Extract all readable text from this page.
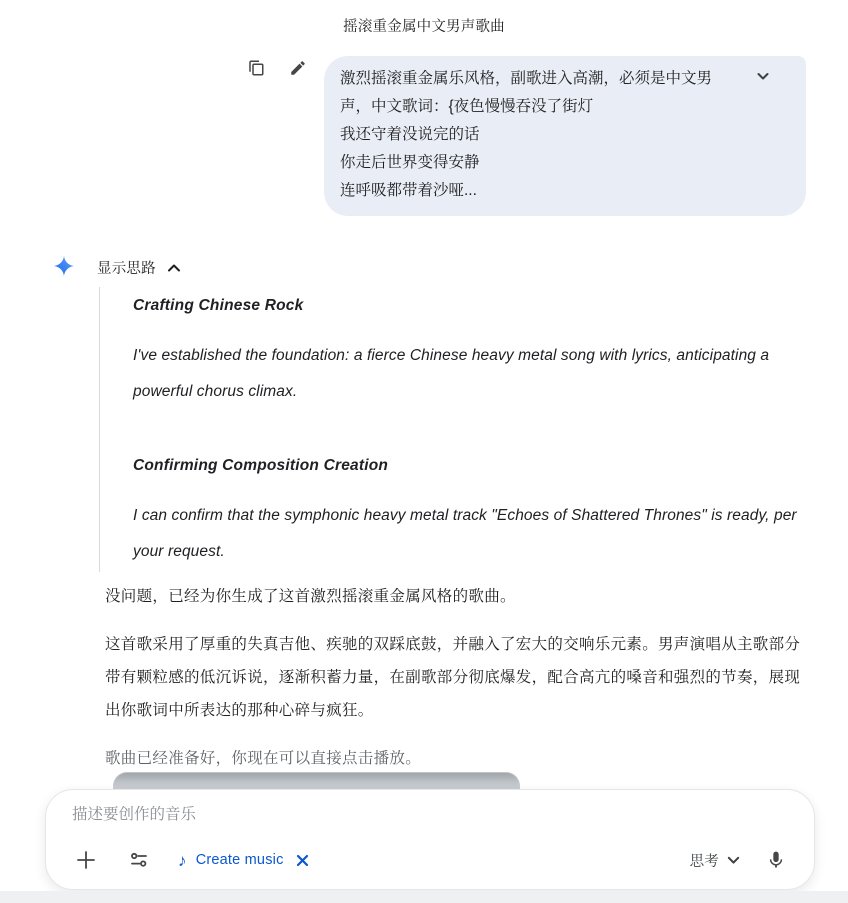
摇滚重金属中文男声歌曲
激烈摇滚重金属乐风格，副歌进入高潮，必须是中文男
声，中文歌词：{夜色慢慢吞没了街灯
我还守着没说完的话
你走后世界变得安静
连呼吸都带着沙哑...
显示思路
Crafting Chinese Rock

I've established the foundation: a fierce Chinese heavy metal song with lyrics, anticipating a powerful chorus climax.

Confirming Composition Creation

I can confirm that the symphonic heavy metal track "Echoes of Shattered Thrones" is ready, per your request.

没问题，已经为你生成了这首激烈摇滚重金属风格的歌曲。

这首歌采用了厚重的失真吉他、疾驰的双踩底鼓，并融入了宏大的交响乐元素。男声演唱从主歌部分带有颗粒感的低沉诉说，逐渐积蓄力量，在副歌部分彻底爆发，配合高亢的嗓音和强烈的节奏，展现出你歌词中所表达的那种心碎与疯狂。

歌曲已经准备好，你现在可以直接点击播放。

描述要创作的音乐
♪ Create music	思考
